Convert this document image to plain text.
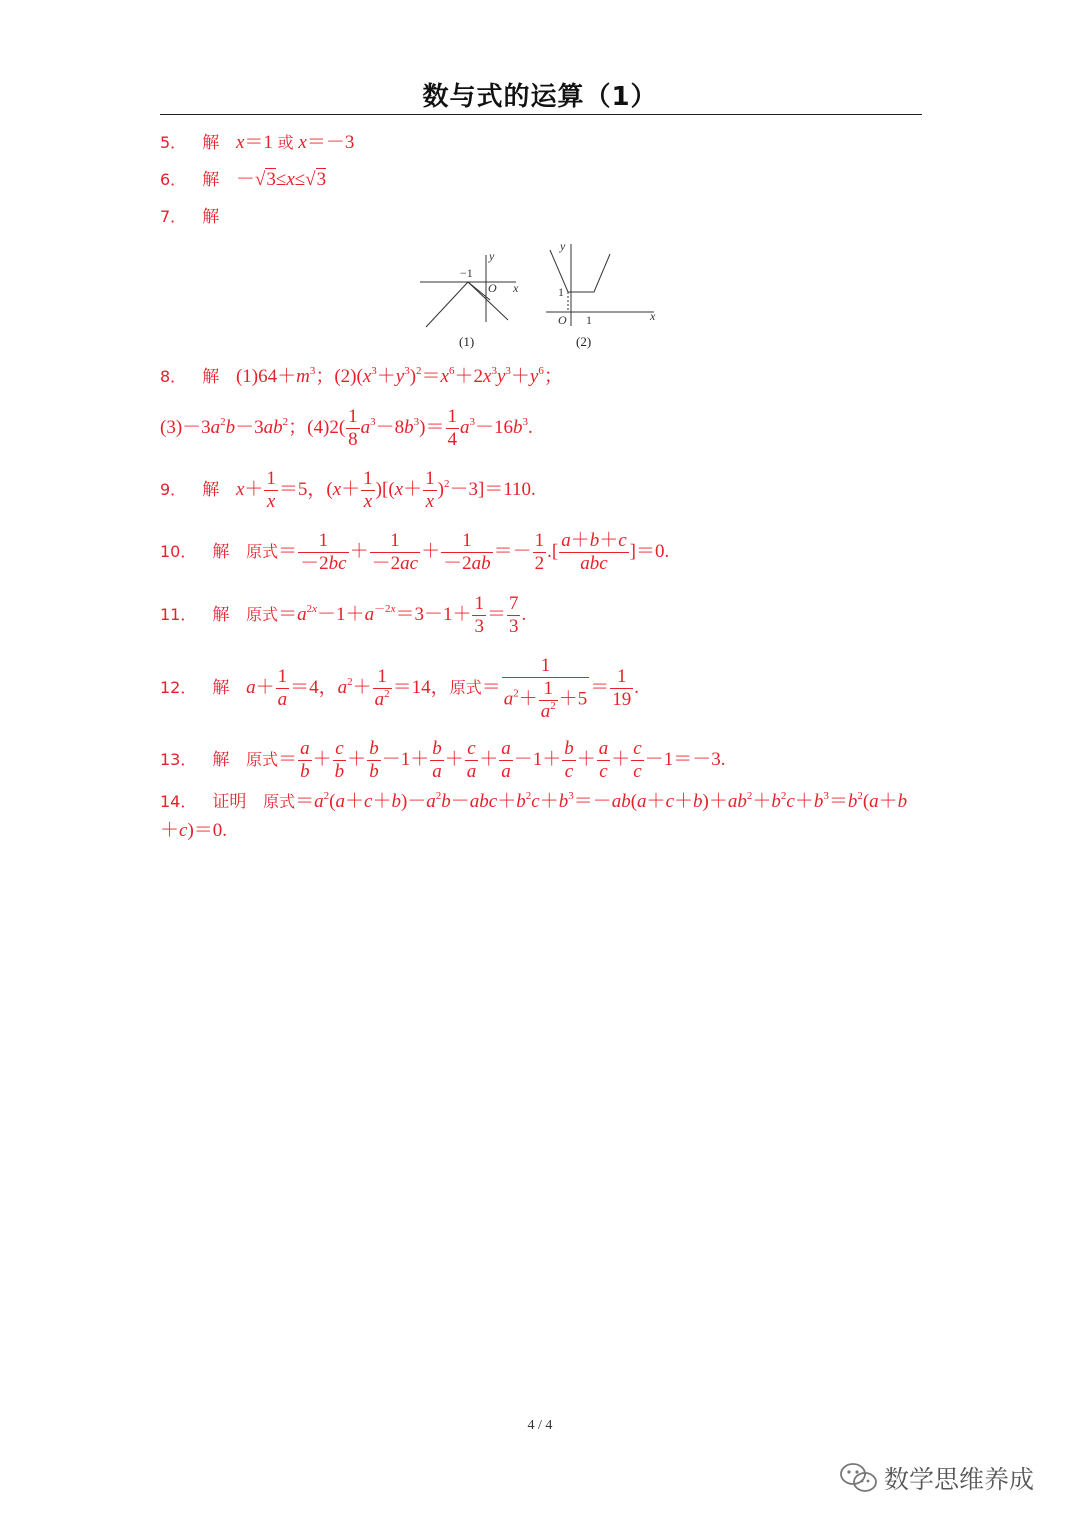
数与式的运算（1）
5． 解 x＝1 或 x＝－3
6． 解 －√3≤x≤√3
7． 解
−1
O x
y
1
O 1	x
y
(1)	(2)
8． 解 $(1)64+m^3$；$(2)(x^3+y^3)^2=x^6+2x^3y^3+y^6$；
$(3)-3a^2b-3ab^2$；$(4)2( \frac{1}{8} a^3-8b^3)= \frac{1}{4} a^3-16b^3$.
9． 解 $x+ \frac{1}{x} =5$，$(x+ \frac{1}{x} )[(x+ \frac{1}{x} )^2-3]=110$.
10． 解 原式＝ $\frac{1}{-2bc} + \frac{1}{-2ac} + \frac{1}{-2ab} =- \frac{1}{2}$ .[ $\frac{a+b+c}{\text{abc}} ]=0$.
11． 解 原式$=a^{2x}-1+a^{-2x}=3-1+ \frac{1}{3} = \frac{7}{3}$ .
12． 解 $a+ \frac{1}{a} =4$，$a^2+ \frac{1}{a^2} =14$，原式＝ $\frac{1}{a^2+ \frac{1}{a^2} +5} = \frac{1}{19}$ .
13． 解 原式＝ $\frac{a}{b} + \frac{c}{b} + \frac{b}{b} -1+ \frac{b}{a} + \frac{c}{a} + \frac{a}{a} -1+ \frac{b}{c} + \frac{a}{c} + \frac{c}{c} -1=-3$.
14． 证明 原式$=a^2(a+c+b)-a^2b-abc+b^2c+b^3=-ab(a+c+b)+ab^2+b^2c+b^3=b^2(a+b$
＋c)＝0.
4 / 4
数学思维养成
